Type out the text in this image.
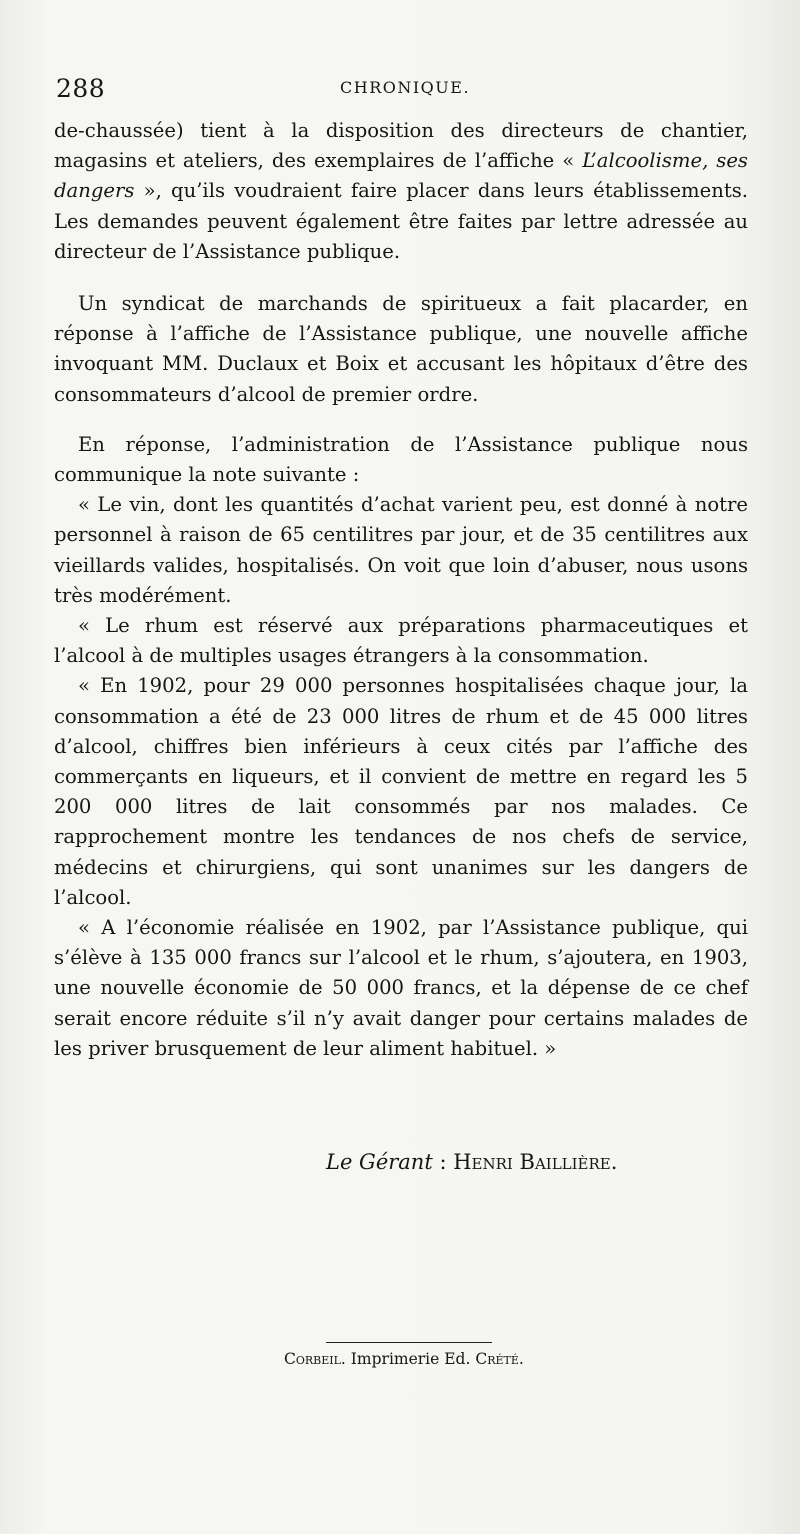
288	CHRONIQUE.

de-chaussée) tient à la disposition des directeurs de chantier, magasins et ateliers, des exemplaires de l’affiche « L’alcoolisme, ses dangers », qu’ils voudraient faire placer dans leurs établissements. Les demandes peuvent également être faites par lettre adressée au directeur de l’Assistance publique.

Un syndicat de marchands de spiritueux a fait placarder, en réponse à l’affiche de l’Assistance publique, une nouvelle affiche invoquant MM. Duclaux et Boix et accusant les hôpitaux d’être des consommateurs d’alcool de premier ordre.

En réponse, l’administration de l’Assistance publique nous communique la note suivante :

« Le vin, dont les quantités d’achat varient peu, est donné à notre personnel à raison de 65 centilitres par jour, et de 35 centilitres aux vieillards valides, hospitalisés. On voit que loin d’abuser, nous usons très modérément.

« Le rhum est réservé aux préparations pharmaceutiques et l’alcool à de multiples usages étrangers à la consommation.

« En 1902, pour 29 000 personnes hospitalisées chaque jour, la consommation a été de 23 000 litres de rhum et de 45 000 litres d’alcool, chiffres bien inférieurs à ceux cités par l’affiche des commerçants en liqueurs, et il convient de mettre en regard les 5 200 000 litres de lait consommés par nos malades. Ce rapprochement montre les tendances de nos chefs de service, médecins et chirurgiens, qui sont unanimes sur les dangers de l’alcool.

« A l’économie réalisée en 1902, par l’Assistance publique, qui s’élève à 135 000 francs sur l’alcool et le rhum, s’ajoutera, en 1903, une nouvelle économie de 50 000 francs, et la dépense de ce chef serait encore réduite s’il n’y avait danger pour certains malades de les priver brusquement de leur aliment habituel. »

Le Gérant : Henri Baillière.
Corbeil. Imprimerie Ed. Crété.
